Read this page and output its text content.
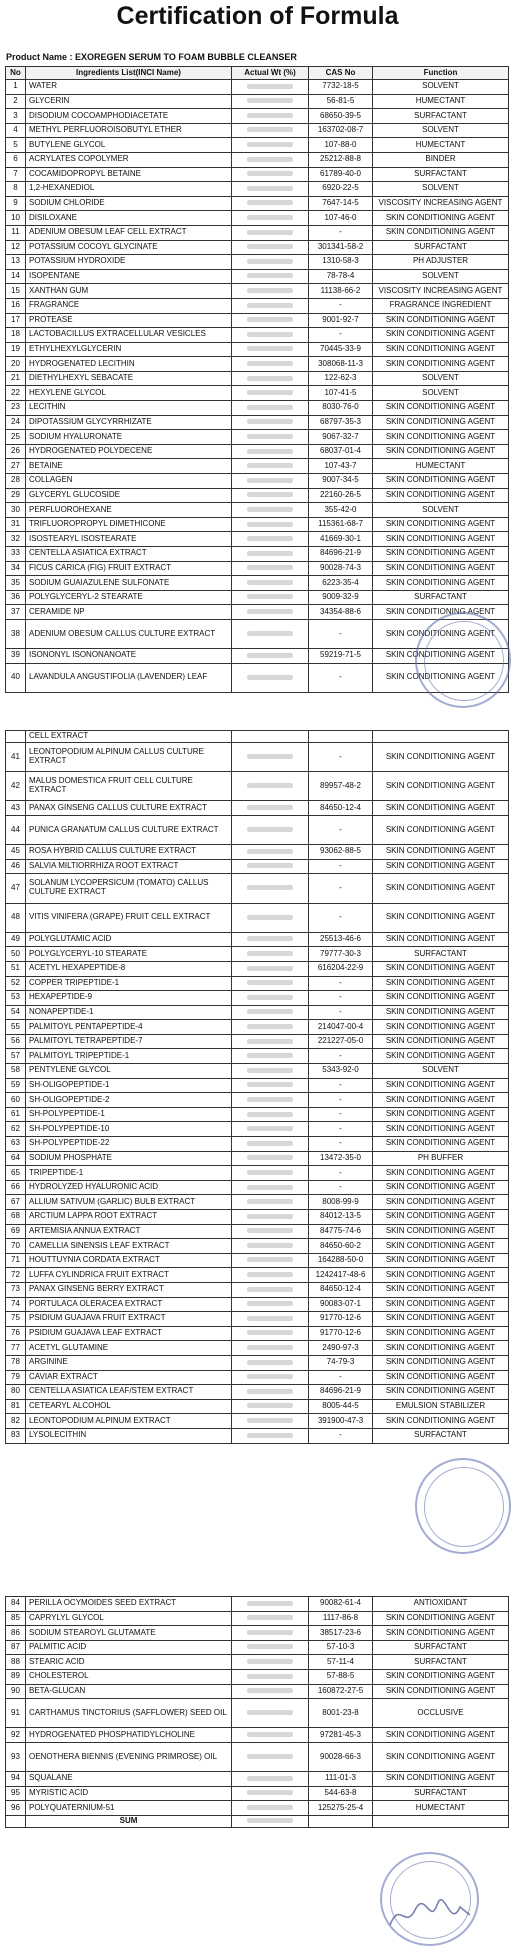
Certification of Formula
Product Name : EXOREGEN SERUM TO FOAM BUBBLE CLEANSER
No	Ingredients List(INCI Name)	Actual Wt (%)	CAS No	Function
1	WATER		7732-18-5	SOLVENT
2	GLYCERIN		56-81-5	HUMECTANT
3	DISODIUM COCOAMPHODIACETATE		68650-39-5	SURFACTANT
4	METHYL PERFLUOROISOBUTYL ETHER		163702-08-7	SOLVENT
5	BUTYLENE GLYCOL		107-88-0	HUMECTANT
6	ACRYLATES COPOLYMER		25212-88-8	BINDER
7	COCAMIDOPROPYL BETAINE		61789-40-0	SURFACTANT
8	1,2-HEXANEDIOL		6920-22-5	SOLVENT
9	SODIUM CHLORIDE		7647-14-5	VISCOSITY INCREASING AGENT
10	DISILOXANE		107-46-0	SKIN CONDITIONING AGENT
11	ADENIUM OBESUM LEAF CELL EXTRACT		-	SKIN CONDITIONING AGENT
12	POTASSIUM COCOYL GLYCINATE		301341-58-2	SURFACTANT
13	POTASSIUM HYDROXIDE		1310-58-3	PH ADJUSTER
14	ISOPENTANE		78-78-4	SOLVENT
15	XANTHAN GUM		11138-66-2	VISCOSITY INCREASING AGENT
16	FRAGRANCE		-	FRAGRANCE INGREDIENT
17	PROTEASE		9001-92-7	SKIN CONDITIONING AGENT
18	LACTOBACILLUS EXTRACELLULAR VESICLES		-	SKIN CONDITIONING AGENT
19	ETHYLHEXYLGLYCERIN		70445-33-9	SKIN CONDITIONING AGENT
20	HYDROGENATED LECITHIN		308068-11-3	SKIN CONDITIONING AGENT
21	DIETHYLHEXYL SEBACATE		122-62-3	SOLVENT
22	HEXYLENE GLYCOL		107-41-5	SOLVENT
23	LECITHIN		8030-76-0	SKIN CONDITIONING AGENT
24	DIPOTASSIUM GLYCYRRHIZATE		68797-35-3	SKIN CONDITIONING AGENT
25	SODIUM HYALURONATE		9067-32-7	SKIN CONDITIONING AGENT
26	HYDROGENATED POLYDECENE		68037-01-4	SKIN CONDITIONING AGENT
27	BETAINE		107-43-7	HUMECTANT
28	COLLAGEN		9007-34-5	SKIN CONDITIONING AGENT
29	GLYCERYL GLUCOSIDE		22160-26-5	SKIN CONDITIONING AGENT
30	PERFLUOROHEXANE		355-42-0	SOLVENT
31	TRIFLUOROPROPYL DIMETHICONE		115361-68-7	SKIN CONDITIONING AGENT
32	ISOSTEARYL ISOSTEARATE		41669-30-1	SKIN CONDITIONING AGENT
33	CENTELLA ASIATICA EXTRACT		84696-21-9	SKIN CONDITIONING AGENT
34	FICUS CARICA (FIG) FRUIT EXTRACT		90028-74-3	SKIN CONDITIONING AGENT
35	SODIUM GUAIAZULENE SULFONATE		6223-35-4	SKIN CONDITIONING AGENT
36	POLYGLYCERYL-2 STEARATE		9009-32-9	SURFACTANT
37	CERAMIDE NP		34354-88-6	SKIN CONDITIONING AGENT
38	ADENIUM OBESUM CALLUS CULTURE EXTRACT		-	SKIN CONDITIONING AGENT
39	ISONONYL ISONONANOATE		59219-71-5	SKIN CONDITIONING AGENT
40	LAVANDULA ANGUSTIFOLIA (LAVENDER) LEAF		-	SKIN CONDITIONING AGENT
	CELL EXTRACT			
41	LEONTOPODIUM ALPINUM CALLUS CULTURE EXTRACT		-	SKIN CONDITIONING AGENT
42	MALUS DOMESTICA FRUIT CELL CULTURE EXTRACT		89957-48-2	SKIN CONDITIONING AGENT
43	PANAX GINSENG CALLUS CULTURE EXTRACT		84650-12-4	SKIN CONDITIONING AGENT
44	PUNICA GRANATUM CALLUS CULTURE EXTRACT		-	SKIN CONDITIONING AGENT
45	ROSA HYBRID CALLUS CULTURE EXTRACT		93062-88-5	SKIN CONDITIONING AGENT
46	SALVIA MILTIORRHIZA ROOT EXTRACT		-	SKIN CONDITIONING AGENT
47	SOLANUM LYCOPERSICUM (TOMATO) CALLUS CULTURE EXTRACT		-	SKIN CONDITIONING AGENT
48	VITIS VINIFERA (GRAPE) FRUIT CELL EXTRACT		-	SKIN CONDITIONING AGENT
49	POLYGLUTAMIC ACID		25513-46-6	SKIN CONDITIONING AGENT
50	POLYGLYCERYL-10 STEARATE		79777-30-3	SURFACTANT
51	ACETYL HEXAPEPTIDE-8		616204-22-9	SKIN CONDITIONING AGENT
52	COPPER TRIPEPTIDE-1		-	SKIN CONDITIONING AGENT
53	HEXAPEPTIDE-9		-	SKIN CONDITIONING AGENT
54	NONAPEPTIDE-1		-	SKIN CONDITIONING AGENT
55	PALMITOYL PENTAPEPTIDE-4		214047-00-4	SKIN CONDITIONING AGENT
56	PALMITOYL TETRAPEPTIDE-7		221227-05-0	SKIN CONDITIONING AGENT
57	PALMITOYL TRIPEPTIDE-1		-	SKIN CONDITIONING AGENT
58	PENTYLENE GLYCOL		5343-92-0	SOLVENT
59	SH-OLIGOPEPTIDE-1		-	SKIN CONDITIONING AGENT
60	SH-OLIGOPEPTIDE-2		-	SKIN CONDITIONING AGENT
61	SH-POLYPEPTIDE-1		-	SKIN CONDITIONING AGENT
62	SH-POLYPEPTIDE-10		-	SKIN CONDITIONING AGENT
63	SH-POLYPEPTIDE-22		-	SKIN CONDITIONING AGENT
64	SODIUM PHOSPHATE		13472-35-0	PH BUFFER
65	TRIPEPTIDE-1		-	SKIN CONDITIONING AGENT
66	HYDROLYZED HYALURONIC ACID		-	SKIN CONDITIONING AGENT
67	ALLIUM SATIVUM (GARLIC) BULB EXTRACT		8008-99-9	SKIN CONDITIONING AGENT
68	ARCTIUM LAPPA ROOT EXTRACT		84012-13-5	SKIN CONDITIONING AGENT
69	ARTEMISIA ANNUA EXTRACT		84775-74-6	SKIN CONDITIONING AGENT
70	CAMELLIA SINENSIS LEAF EXTRACT		84650-60-2	SKIN CONDITIONING AGENT
71	HOUTTUYNIA CORDATA EXTRACT		164288-50-0	SKIN CONDITIONING AGENT
72	LUFFA CYLINDRICA FRUIT EXTRACT		1242417-48-6	SKIN CONDITIONING AGENT
73	PANAX GINSENG BERRY EXTRACT		84650-12-4	SKIN CONDITIONING AGENT
74	PORTULACA OLERACEA EXTRACT		90083-07-1	SKIN CONDITIONING AGENT
75	PSIDIUM GUAJAVA FRUIT EXTRACT		91770-12-6	SKIN CONDITIONING AGENT
76	PSIDIUM GUAJAVA LEAF EXTRACT		91770-12-6	SKIN CONDITIONING AGENT
77	ACETYL GLUTAMINE		2490-97-3	SKIN CONDITIONING AGENT
78	ARGININE		74-79-3	SKIN CONDITIONING AGENT
79	CAVIAR EXTRACT		-	SKIN CONDITIONING AGENT
80	CENTELLA ASIATICA LEAF/STEM EXTRACT		84696-21-9	SKIN CONDITIONING AGENT
81	CETEARYL ALCOHOL		8005-44-5	EMULSION STABILIZER
82	LEONTOPODIUM ALPINUM EXTRACT		391900-47-3	SKIN CONDITIONING AGENT
83	LYSOLECITHIN		-	SURFACTANT
84	PERILLA OCYMOIDES SEED EXTRACT		90082-61-4	ANTIOXIDANT
85	CAPRYLYL GLYCOL		1117-86-8	SKIN CONDITIONING AGENT
86	SODIUM STEAROYL GLUTAMATE		38517-23-6	SKIN CONDITIONING AGENT
87	PALMITIC ACID		57-10-3	SURFACTANT
88	STEARIC ACID		57-11-4	SURFACTANT
89	CHOLESTEROL		57-88-5	SKIN CONDITIONING AGENT
90	BETA-GLUCAN		160872-27-5	SKIN CONDITIONING AGENT
91	CARTHAMUS TINCTORIUS (SAFFLOWER) SEED OIL		8001-23-8	OCCLUSIVE
92	HYDROGENATED PHOSPHATIDYLCHOLINE		97281-45-3	SKIN CONDITIONING AGENT
93	OENOTHERA BIENNIS (EVENING PRIMROSE) OIL		90028-66-3	SKIN CONDITIONING AGENT
94	SQUALANE		111-01-3	SKIN CONDITIONING AGENT
95	MYRISTIC ACID		544-63-8	SURFACTANT
96	POLYQUATERNIUM-51		125275-25-4	HUMECTANT
	SUM			
